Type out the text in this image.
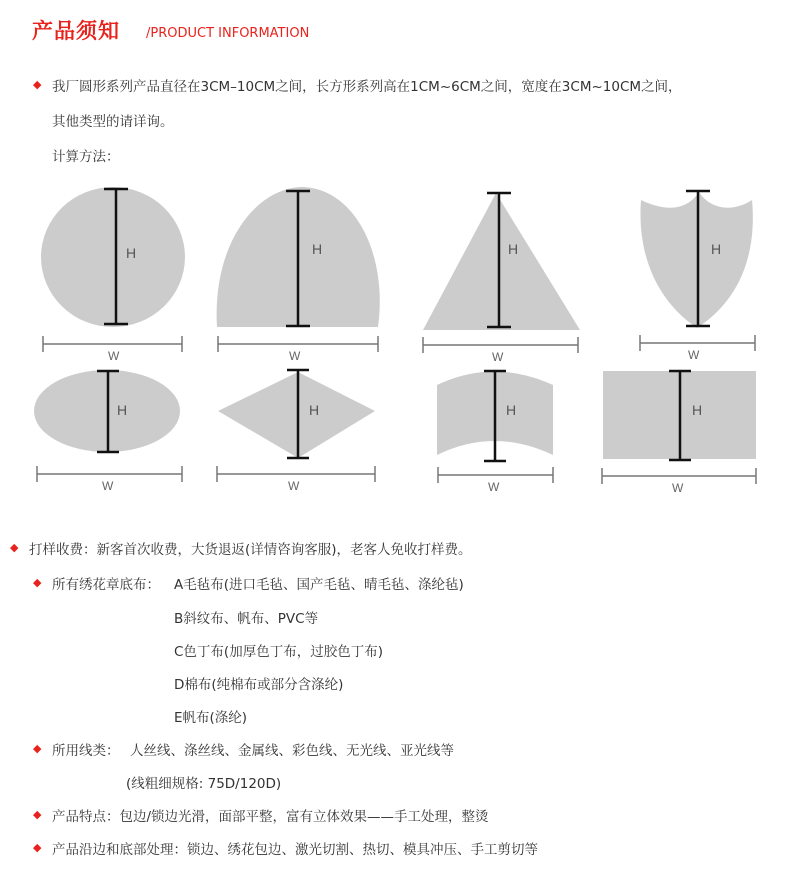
产品须知 /PRODUCT INFORMATION
◆ 我厂圆形系列产品直径在3CM–10CM之间，长方形系列高在1CM~6CM之间，宽度在3CM~10CM之间，
其他类型的请详询。
计算方法：
H	H	H	H
H	H	H	H
W	W	W	W
W	W	W	W
◆ 打样收费：新客首次收费，大货退返(详情咨询客服)，老客人免收打样费。
◆ 所有绣花章底布： A毛毡布(进口毛毡、国产毛毡、晴毛毡、涤纶毡)
B斜纹布、帆布、PVC等
C色丁布(加厚色丁布，过胶色丁布)
D棉布(纯棉布或部分含涤纶)
E帆布(涤纶)
◆ 所用线类： 人丝线、涤丝线、金属线、彩色线、无光线、亚光线等
(线粗细规格: 75D/120D)
◆ 产品特点：包边/锁边光滑，面部平整，富有立体效果——手工处理，整烫
◆ 产品沿边和底部处理：锁边、绣花包边、激光切割、热切、模具冲压、手工剪切等
